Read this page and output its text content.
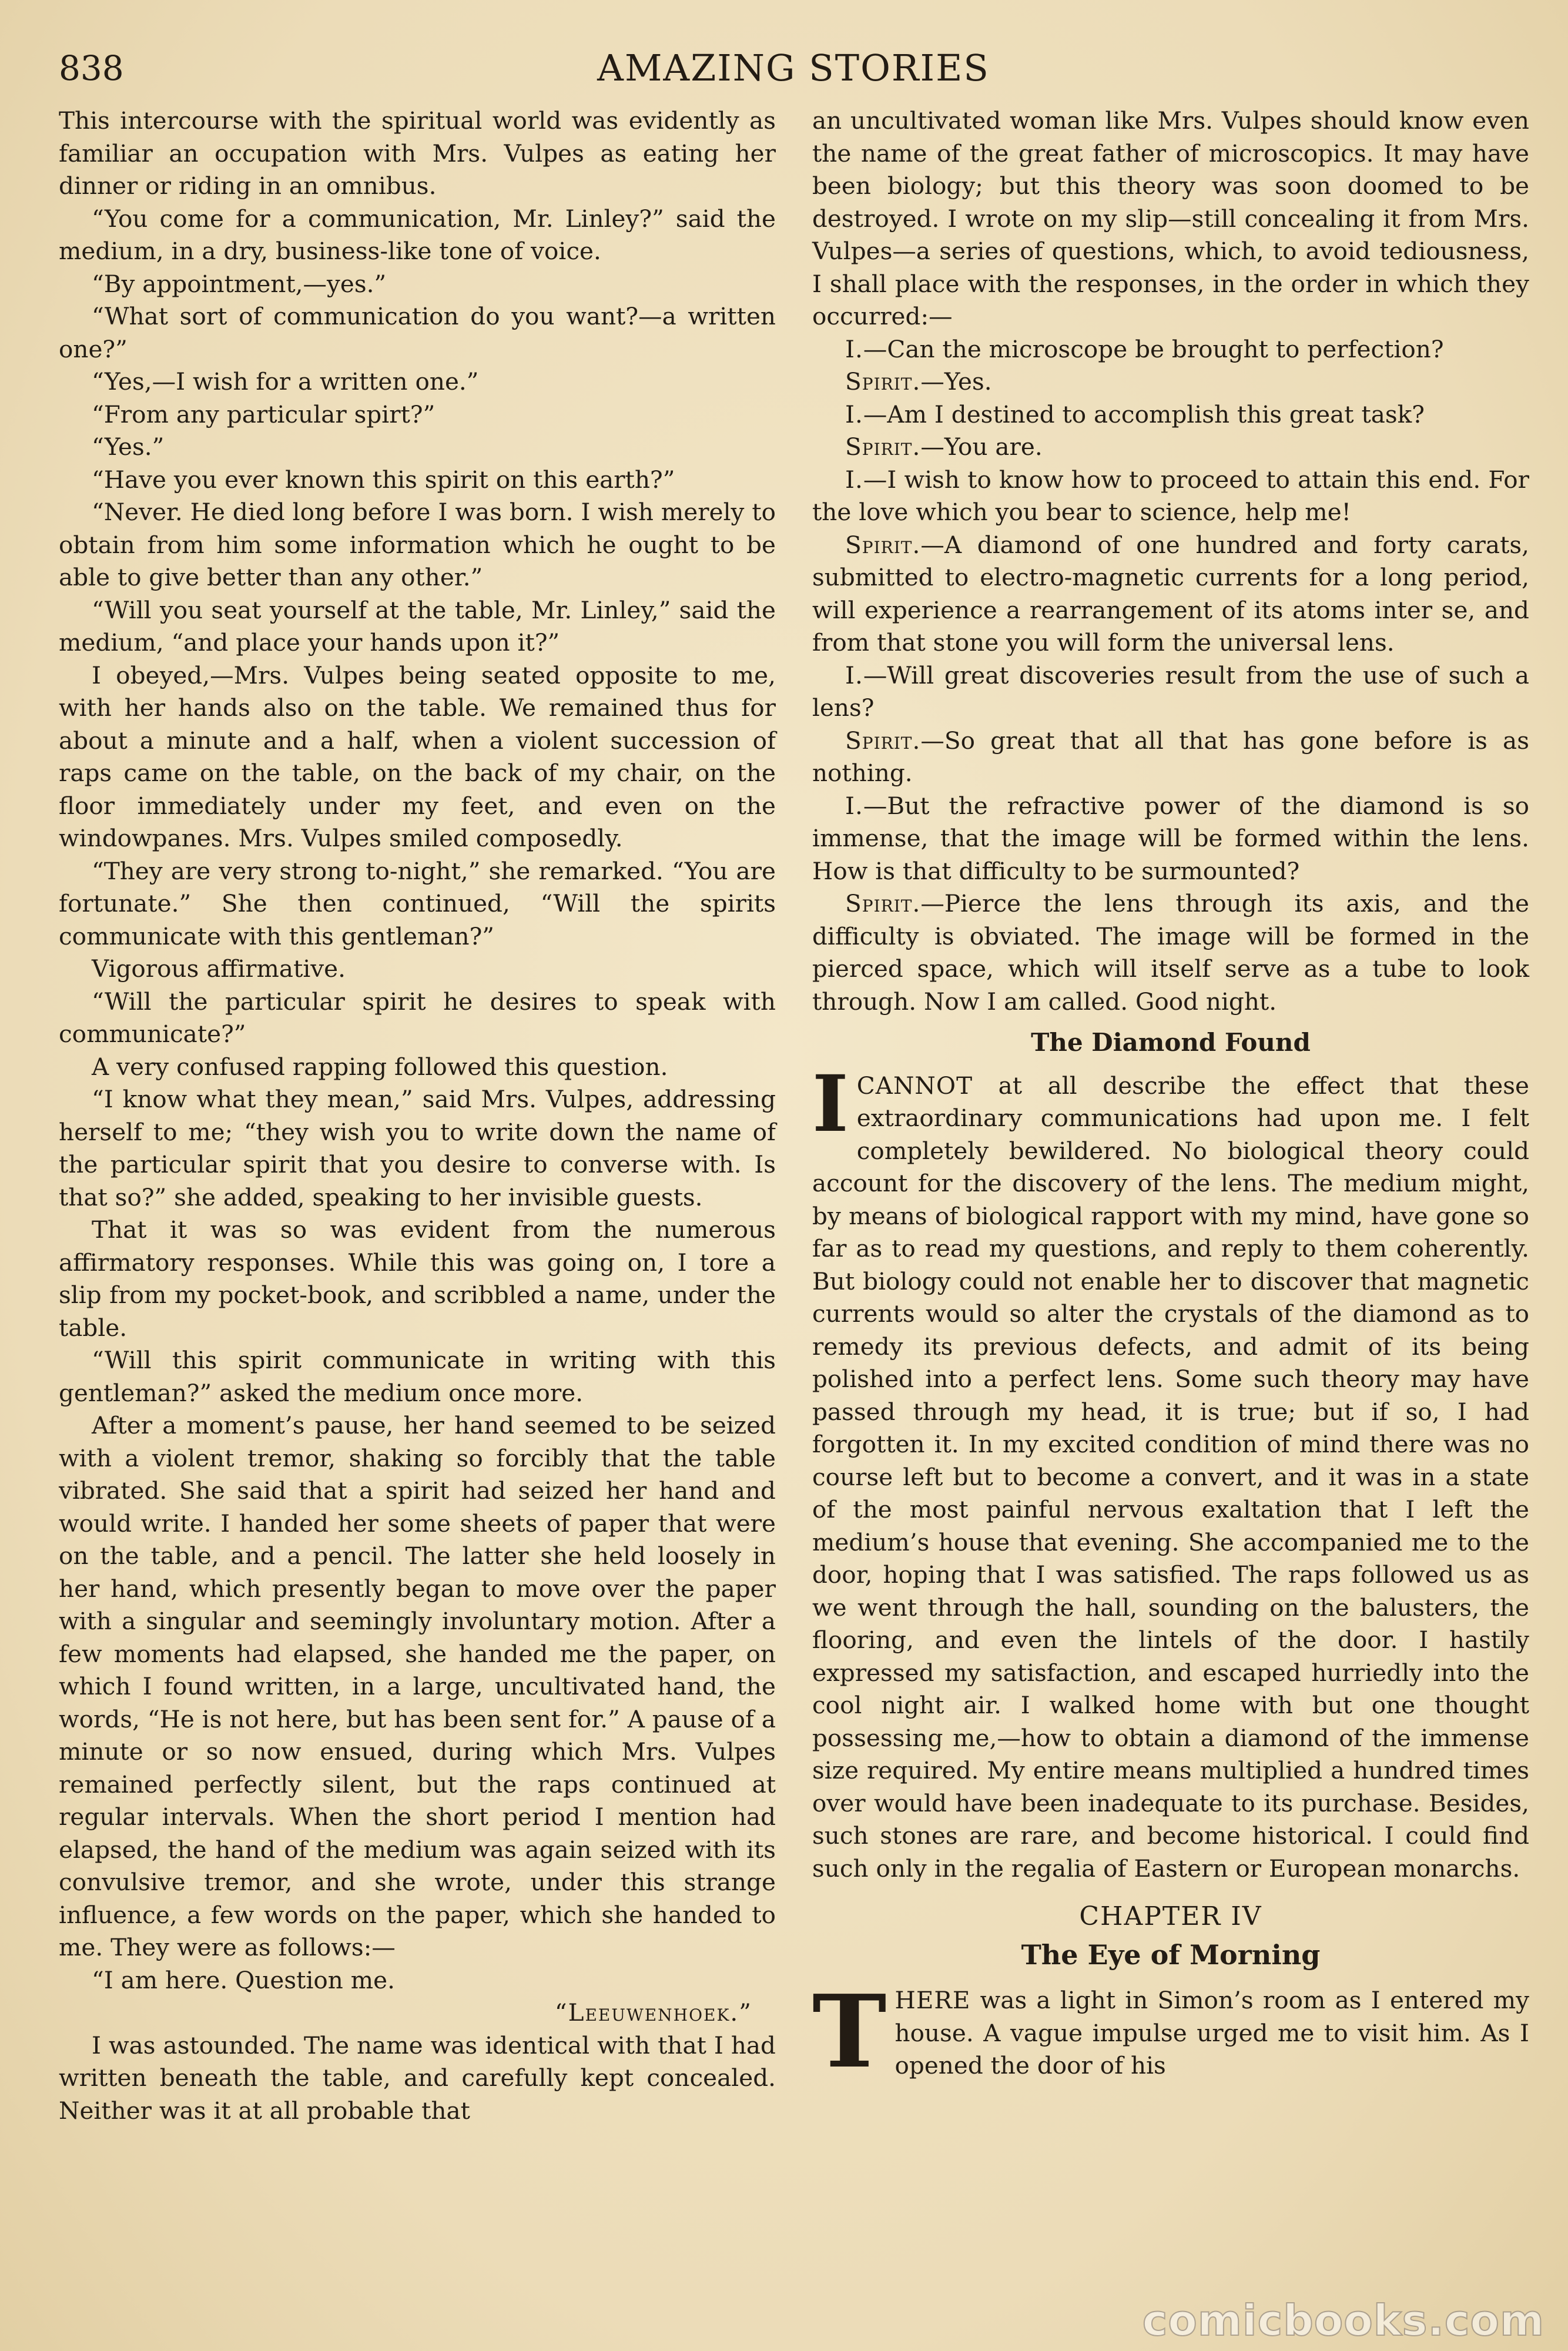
838	AMAZING STORIES

This intercourse with the spiritual world was evidently as familiar an occupation with Mrs. Vulpes as eating her dinner or riding in an omnibus.

“You come for a communication, Mr. Linley?” said the medium, in a dry, business-like tone of voice.

“By appointment,—yes.”

“What sort of communication do you want?—a written one?”

“Yes,—I wish for a written one.”

“From any particular spirt?”

“Yes.”

“Have you ever known this spirit on this earth?”

“Never. He died long before I was born. I wish merely to obtain from him some information which he ought to be able to give better than any other.”

“Will you seat yourself at the table, Mr. Linley,” said the medium, “and place your hands upon it?”

I obeyed,—Mrs. Vulpes being seated opposite to me, with her hands also on the table. We remained thus for about a minute and a half, when a violent succession of raps came on the table, on the back of my chair, on the floor immediately under my feet, and even on the windowpanes. Mrs. Vulpes smiled composedly.

“They are very strong to-night,” she remarked. “You are fortunate.” She then continued, “Will the spirits communicate with this gentleman?”

Vigorous affirmative.

“Will the particular spirit he desires to speak with communicate?”

A very confused rapping followed this question.

“I know what they mean,” said Mrs. Vulpes, addressing herself to me; “they wish you to write down the name of the particular spirit that you desire to converse with. Is that so?” she added, speaking to her invisible guests.

That it was so was evident from the numerous affirmatory responses. While this was going on, I tore a slip from my pocket-book, and scribbled a name, under the table.

“Will this spirit communicate in writing with this gentleman?” asked the medium once more.

After a moment’s pause, her hand seemed to be seized with a violent tremor, shaking so forcibly that the table vibrated. She said that a spirit had seized her hand and would write. I handed her some sheets of paper that were on the table, and a pencil. The latter she held loosely in her hand, which presently began to move over the paper with a singular and seemingly involuntary motion. After a few moments had elapsed, she handed me the paper, on which I found written, in a large, uncultivated hand, the words, “He is not here, but has been sent for.” A pause of a minute or so now ensued, during which Mrs. Vulpes remained perfectly silent, but the raps continued at regular intervals. When the short period I mention had elapsed, the hand of the medium was again seized with its convulsive tremor, and she wrote, under this strange influence, a few words on the paper, which she handed to me. They were as follows:—

“I am here. Question me.

“Leeuwenhoek.”

I was astounded. The name was identical with that I had written beneath the table, and carefully kept concealed. Neither was it at all probable that

an uncultivated woman like Mrs. Vulpes should know even the name of the great father of microscopics. It may have been biology; but this theory was soon doomed to be destroyed. I wrote on my slip—still concealing it from Mrs. Vulpes—a series of questions, which, to avoid tediousness, I shall place with the responses, in the order in which they occurred:—

I.—Can the microscope be brought to perfection?

Spirit.—Yes.

I.—Am I destined to accomplish this great task?

Spirit.—You are.

I.—I wish to know how to proceed to attain this end. For the love which you bear to science, help me!

Spirit.—A diamond of one hundred and forty carats, submitted to electro-magnetic currents for a long period, will experience a rearrangement of its atoms inter se, and from that stone you will form the universal lens.

I.—Will great discoveries result from the use of such a lens?

Spirit.—So great that all that has gone before is as nothing.

I.—But the refractive power of the diamond is so immense, that the image will be formed within the lens. How is that difficulty to be surmounted?

Spirit.—Pierce the lens through its axis, and the difficulty is obviated. The image will be formed in the pierced space, which will itself serve as a tube to look through. Now I am called. Good night.

The Diamond Found

ICANNOT at all describe the effect that these extraordinary communications had upon me. I felt completely bewildered. No biological theory could account for the discovery of the lens. The medium might, by means of biological rapport with my mind, have gone so far as to read my questions, and reply to them coherently. But biology could not enable her to discover that magnetic currents would so alter the crystals of the diamond as to remedy its previous defects, and admit of its being polished into a perfect lens. Some such theory may have passed through my head, it is true; but if so, I had forgotten it. In my excited condition of mind there was no course left but to become a convert, and it was in a state of the most painful nervous exaltation that I left the medium’s house that evening. She accompanied me to the door, hoping that I was satisfied. The raps followed us as we went through the hall, sounding on the balusters, the flooring, and even the lintels of the door. I hastily expressed my satisfaction, and escaped hurriedly into the cool night air. I walked home with but one thought possessing me,—how to obtain a diamond of the immense size required. My entire means multiplied a hundred times over would have been inadequate to its purchase. Besides, such stones are rare, and become historical. I could find such only in the regalia of Eastern or European monarchs.

CHAPTER IV

The Eye of Morning

THERE was a light in Simon’s room as I entered my house. A vague impulse urged me to visit him. As I opened the door of his

comicbooks.com
